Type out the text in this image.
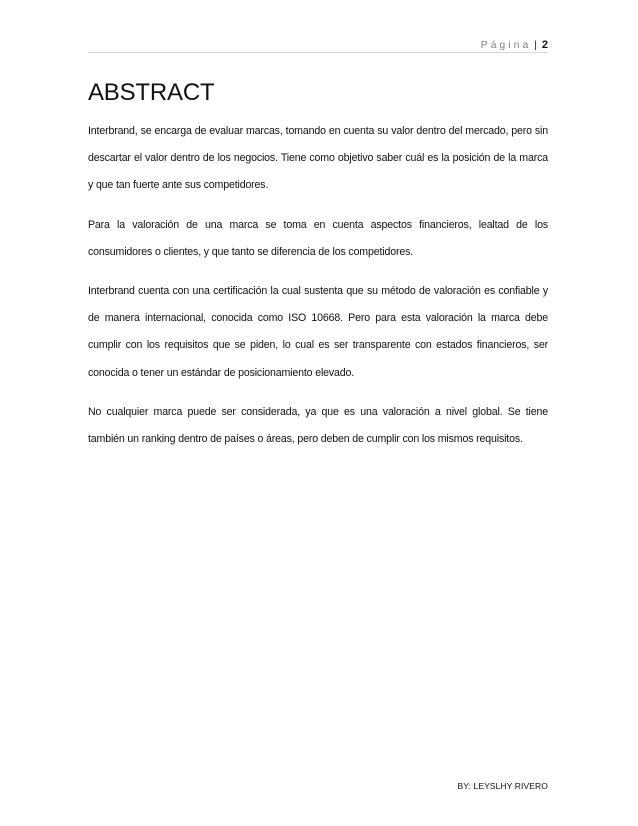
Página | 2
ABSTRACT

Interbrand, se encarga de evaluar marcas, tomando en cuenta su valor dentro del mercado, pero sin descartar el valor dentro de los negocios. Tiene como objetivo saber cuál es la posición de la marca y que tan fuerte ante sus competidores.

Para la valoración de una marca se toma en cuenta aspectos financieros, lealtad de los consumidores o clientes, y que tanto se diferencia de los competidores.

Interbrand cuenta con una certificación la cual sustenta que su método de valoración es confiable y de manera internacional, conocida como ISO 10668. Pero para esta valoración la marca debe cumplir con los requisitos que se piden, lo cual es ser transparente con estados financieros, ser conocida o tener un estándar de posicionamiento elevado.

No cualquier marca puede ser considerada, ya que es una valoración a nivel global. Se tiene también un ranking dentro de países o áreas, pero deben de cumplir con los mismos requisitos.

BY: LEYSLHY RIVERO
